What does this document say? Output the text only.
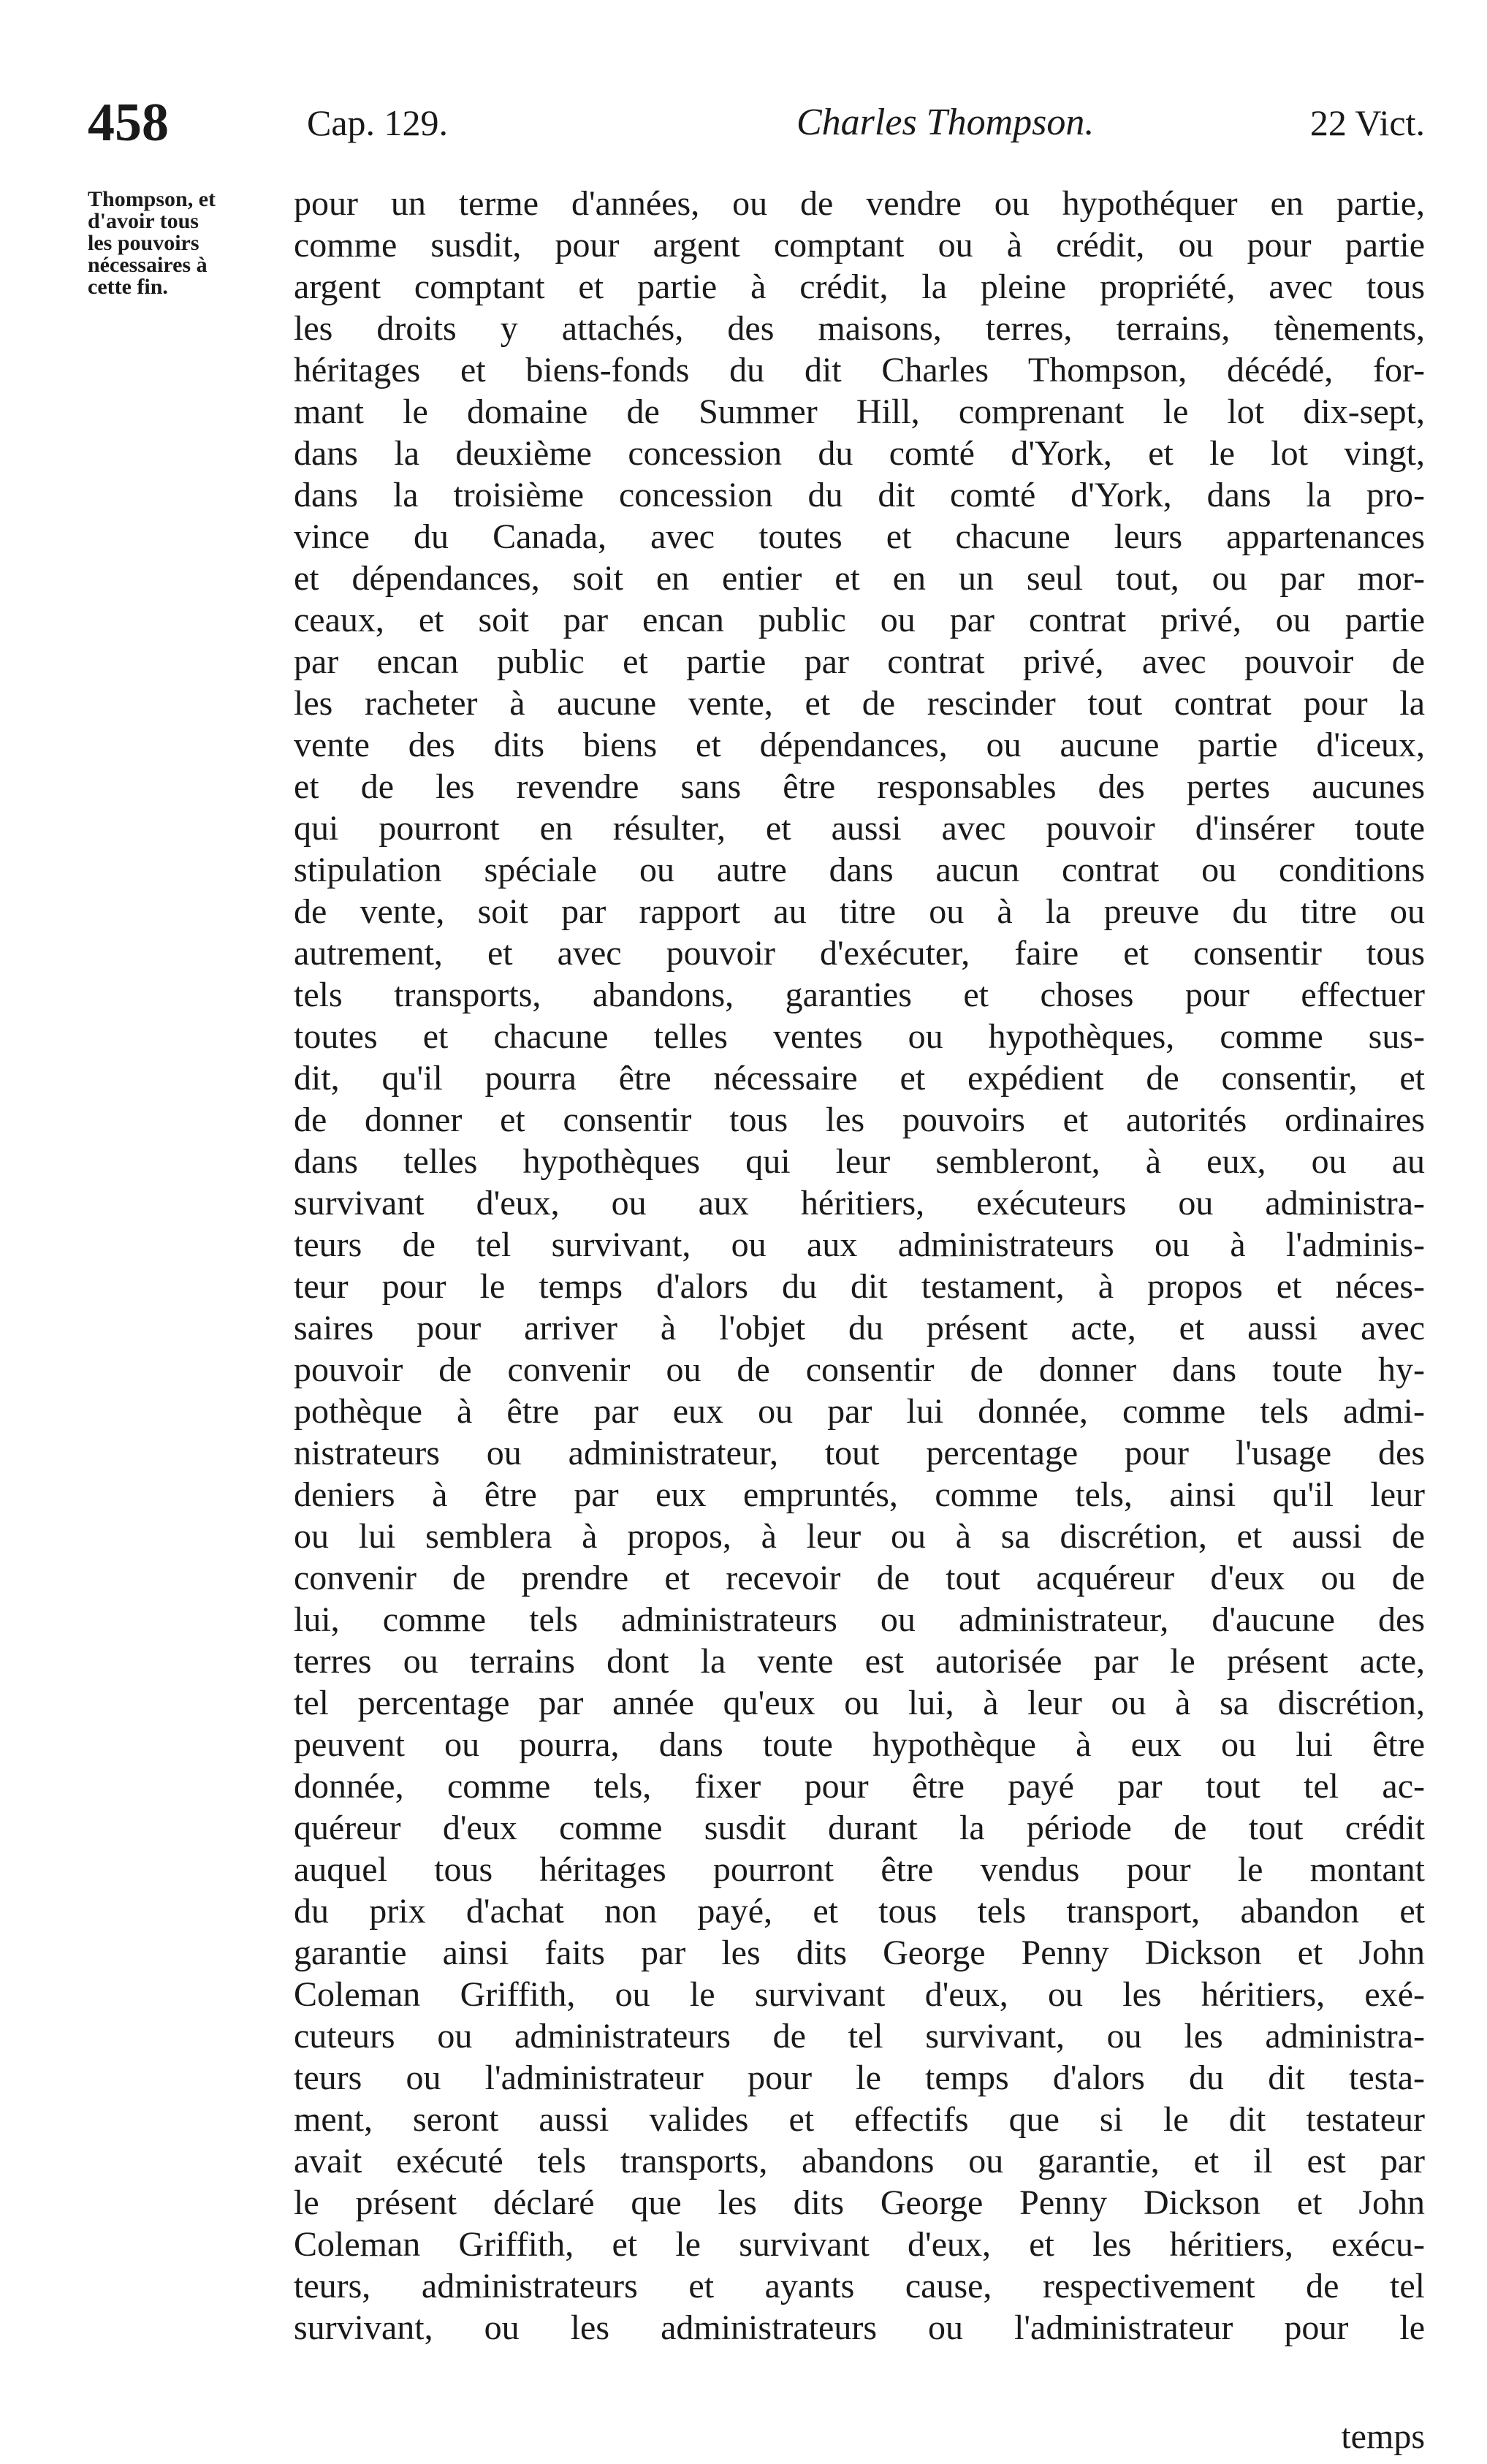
458	Cap. 129.	Charles Thompson.	22 Vict.
Thompson, et
d'avoir tous
les pouvoirs
nécessaires à
cette fin.
pour un terme d'années, ou de vendre ou hypothéquer en partie,
comme susdit, pour argent comptant ou à crédit, ou pour partie
argent comptant et partie à crédit, la pleine propriété, avec tous
les droits y attachés, des maisons, terres, terrains, tènements,
héritages et biens-fonds du dit Charles Thompson, décédé, for-
mant le domaine de Summer Hill, comprenant le lot dix-sept,
dans la deuxième concession du comté d'York, et le lot vingt,
dans la troisième concession du dit comté d'York, dans la pro-
vince du Canada, avec toutes et chacune leurs appartenances
et dépendances, soit en entier et en un seul tout, ou par mor-
ceaux, et soit par encan public ou par contrat privé, ou partie
par encan public et partie par contrat privé, avec pouvoir de
les racheter à aucune vente, et de rescinder tout contrat pour la
vente des dits biens et dépendances, ou aucune partie d'iceux,
et de les revendre sans être responsables des pertes aucunes
qui pourront en résulter, et aussi avec pouvoir d'insérer toute
stipulation spéciale ou autre dans aucun contrat ou conditions
de vente, soit par rapport au titre ou à la preuve du titre ou
autrement, et avec pouvoir d'exécuter, faire et consentir tous
tels transports, abandons, garanties et choses pour effectuer
toutes et chacune telles ventes ou hypothèques, comme sus-
dit, qu'il pourra être nécessaire et expédient de consentir, et
de donner et consentir tous les pouvoirs et autorités ordinaires
dans telles hypothèques qui leur sembleront, à eux, ou au
survivant d'eux, ou aux héritiers, exécuteurs ou administra-
teurs de tel survivant, ou aux administrateurs ou à l'adminis-
teur pour le temps d'alors du dit testament, à propos et néces-
saires pour arriver à l'objet du présent acte, et aussi avec
pouvoir de convenir ou de consentir de donner dans toute hy-
pothèque à être par eux ou par lui donnée, comme tels admi-
nistrateurs ou administrateur, tout percentage pour l'usage des
deniers à être par eux empruntés, comme tels, ainsi qu'il leur
ou lui semblera à propos, à leur ou à sa discrétion, et aussi de
convenir de prendre et recevoir de tout acquéreur d'eux ou de
lui, comme tels administrateurs ou administrateur, d'aucune des
terres ou terrains dont la vente est autorisée par le présent acte,
tel percentage par année qu'eux ou lui, à leur ou à sa discrétion,
peuvent ou pourra, dans toute hypothèque à eux ou lui être
donnée, comme tels, fixer pour être payé par tout tel ac-
quéreur d'eux comme susdit durant la période de tout crédit
auquel tous héritages pourront être vendus pour le montant
du prix d'achat non payé, et tous tels transport, abandon et
garantie ainsi faits par les dits George Penny Dickson et John
Coleman Griffith, ou le survivant d'eux, ou les héritiers, exé-
cuteurs ou administrateurs de tel survivant, ou les administra-
teurs ou l'administrateur pour le temps d'alors du dit testa-
ment, seront aussi valides et effectifs que si le dit testateur
avait exécuté tels transports, abandons ou garantie, et il est par
le présent déclaré que les dits George Penny Dickson et John
Coleman Griffith, et le survivant d'eux, et les héritiers, exécu-
teurs, administrateurs et ayants cause, respectivement de tel
survivant, ou les administrateurs ou l'administrateur pour le
temps
